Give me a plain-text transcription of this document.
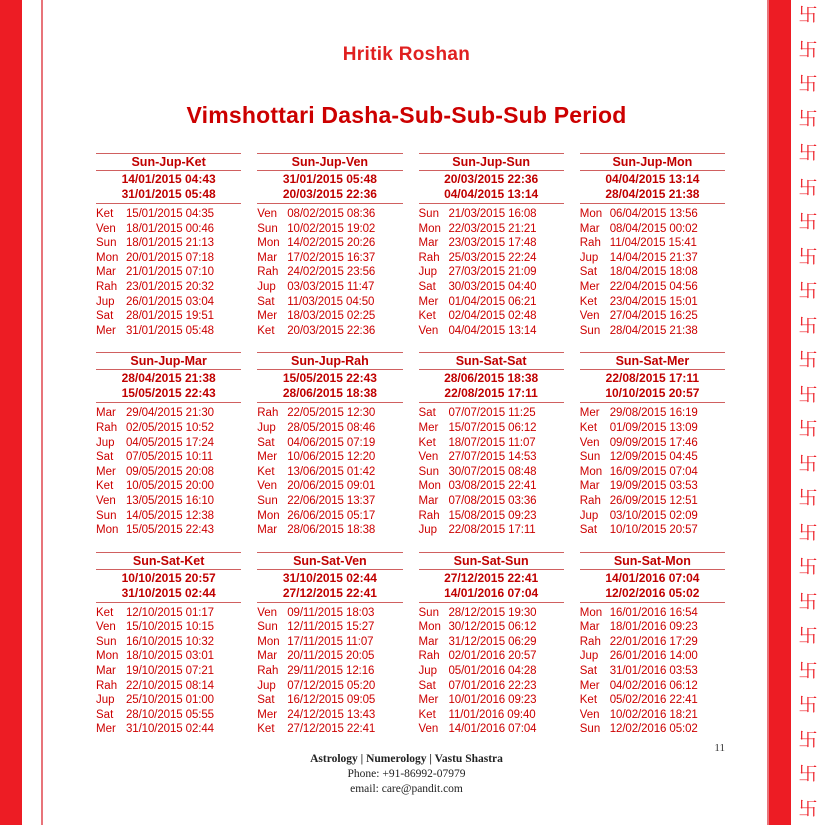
卐
卐
卐
卐
卐
卐
卐
卐
卐
卐
卐
卐
卐
卐
卐
卐
卐
卐
卐
卐
卐
卐
卐
卐
Hritik Roshan
Vimshottari Dasha-Sub-Sub-Sub Period
Sun-Jup-Ket
14/01/2015 04:43
31/01/2015 05:48
Ket	15/01/2015 04:35
Ven 18/01/2015 00:46
Sun 18/01/2015 21:13
Mon 20/01/2015 07:18
Mar 21/01/2015 07:10
Rah 23/01/2015 20:32
Jup 26/01/2015 03:04
Sat	28/01/2015 19:51
Mer 31/01/2015 05:48
Sun-Jup-Ven
31/01/2015 05:48
20/03/2015 22:36
Ven 08/02/2015 08:36
Sun 10/02/2015 19:02
Mon 14/02/2015 20:26
Mar 17/02/2015 16:37
Rah 24/02/2015 23:56
Jup 03/03/2015 11:47
Sat	11/03/2015 04:50
Mer 18/03/2015 02:25
Ket	20/03/2015 22:36
Sun-Jup-Sun
20/03/2015 22:36
04/04/2015 13:14
Sun 21/03/2015 16:08
Mon 22/03/2015 21:21
Mar 23/03/2015 17:48
Rah 25/03/2015 22:24
Jup 27/03/2015 21:09
Sat	30/03/2015 04:40
Mer 01/04/2015 06:21
Ket	02/04/2015 02:48
Ven 04/04/2015 13:14
Sun-Jup-Mon
04/04/2015 13:14
28/04/2015 21:38
Mon 06/04/2015 13:56
Mar 08/04/2015 00:02
Rah 11/04/2015 15:41
Jup 14/04/2015 21:37
Sat	18/04/2015 18:08
Mer 22/04/2015 04:56
Ket	23/04/2015 15:01
Ven 27/04/2015 16:25
Sun 28/04/2015 21:38
Sun-Jup-Mar
28/04/2015 21:38
15/05/2015 22:43
Mar 29/04/2015 21:30
Rah 02/05/2015 10:52
Jup 04/05/2015 17:24
Sat	07/05/2015 10:11
Mer 09/05/2015 20:08
Ket	10/05/2015 20:00
Ven 13/05/2015 16:10
Sun 14/05/2015 12:38
Mon 15/05/2015 22:43
Sun-Jup-Rah
15/05/2015 22:43
28/06/2015 18:38
Rah 22/05/2015 12:30
Jup 28/05/2015 08:46
Sat	04/06/2015 07:19
Mer 10/06/2015 12:20
Ket	13/06/2015 01:42
Ven 20/06/2015 09:01
Sun 22/06/2015 13:37
Mon 26/06/2015 05:17
Mar 28/06/2015 18:38
Sun-Sat-Sat
28/06/2015 18:38
22/08/2015 17:11
Sat	07/07/2015 11:25
Mer 15/07/2015 06:12
Ket	18/07/2015 11:07
Ven 27/07/2015 14:53
Sun 30/07/2015 08:48
Mon 03/08/2015 22:41
Mar 07/08/2015 03:36
Rah 15/08/2015 09:23
Jup 22/08/2015 17:11
Sun-Sat-Mer
22/08/2015 17:11
10/10/2015 20:57
Mer 29/08/2015 16:19
Ket	01/09/2015 13:09
Ven 09/09/2015 17:46
Sun 12/09/2015 04:45
Mon 16/09/2015 07:04
Mar 19/09/2015 03:53
Rah 26/09/2015 12:51
Jup 03/10/2015 02:09
Sat	10/10/2015 20:57
Sun-Sat-Ket
10/10/2015 20:57
31/10/2015 02:44
Ket	12/10/2015 01:17
Ven 15/10/2015 10:15
Sun 16/10/2015 10:32
Mon 18/10/2015 03:01
Mar 19/10/2015 07:21
Rah 22/10/2015 08:14
Jup 25/10/2015 01:00
Sat	28/10/2015 05:55
Mer 31/10/2015 02:44
Sun-Sat-Ven
31/10/2015 02:44
27/12/2015 22:41
Ven 09/11/2015 18:03
Sun 12/11/2015 15:27
Mon 17/11/2015 11:07
Mar 20/11/2015 20:05
Rah 29/11/2015 12:16
Jup 07/12/2015 05:20
Sat	16/12/2015 09:05
Mer 24/12/2015 13:43
Ket	27/12/2015 22:41
Sun-Sat-Sun
27/12/2015 22:41
14/01/2016 07:04
Sun 28/12/2015 19:30
Mon 30/12/2015 06:12
Mar 31/12/2015 06:29
Rah 02/01/2016 20:57
Jup 05/01/2016 04:28
Sat	07/01/2016 22:23
Mer 10/01/2016 09:23
Ket	11/01/2016 09:40
Ven 14/01/2016 07:04
Sun-Sat-Mon
14/01/2016 07:04
12/02/2016 05:02
Mon 16/01/2016 16:54
Mar 18/01/2016 09:23
Rah 22/01/2016 17:29
Jup 26/01/2016 14:00
Sat	31/01/2016 03:53
Mer 04/02/2016 06:12
Ket	05/02/2016 22:41
Ven 10/02/2016 18:21
Sun 12/02/2016 05:02
11
Astrology | Numerology | Vastu Shastra
Phone: +91-86992-07979
email: care@pandit.com
